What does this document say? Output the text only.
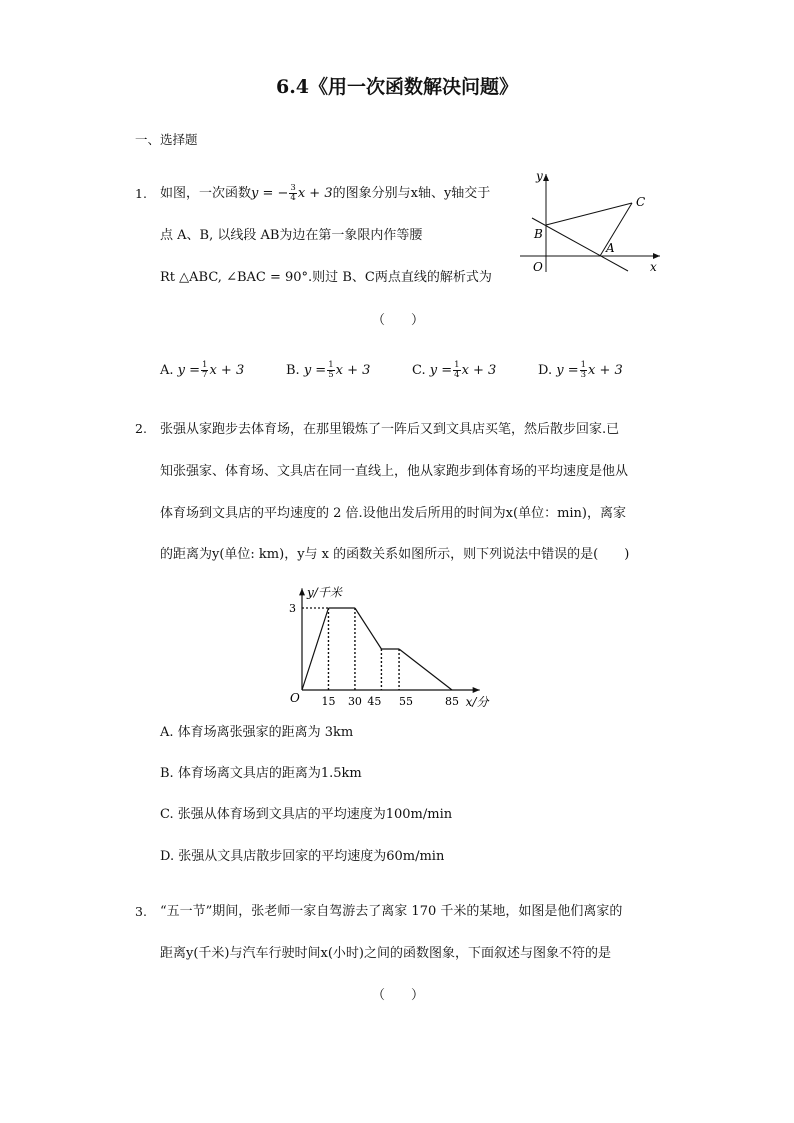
6.4《用一次函数解决问题》
一、选择题
1. 如图，一次函数y = − $\frac{3}{4}$ x + 3的图象分别与x轴、y轴交于
点 A、B, 以线段 AB为边在第一象限内作等腰
Rt △ABC, ∠BAC = 90°.则过 B、C两点直线的解析式为
（　　）
y
x
O
B
C
A
A. $y = \frac{1}{7}$ x + 3	B. $y = \frac{1}{5}$ x + 3	C. $y = \frac{1}{4}$ x + 3	D. $y = \frac{1}{3}$ x + 3
2. 张强从家跑步去体育场，在那里锻炼了一阵后又到文具店买笔，然后散步回家.已
知张强家、体育场、文具店在同一直线上，他从家跑步到体育场的平均速度是他从
体育场到文具店的平均速度的 2 倍.设他出发后所用的时间为x(单位：min)，离家
的距离为y(单位: km)，y与 x 的函数关系如图所示，则下列说法中错误的是(　　)
15 30 45 55	85
3
y/千米
x/分
O
A. 体育场离张强家的距离为 3km
B. 体育场离文具店的距离为1.5km
C. 张强从体育场到文具店的平均速度为100m/min
D. 张强从文具店散步回家的平均速度为60m/min
3. “五一节”期间，张老师一家自驾游去了离家 170 千米的某地，如图是他们离家的
距离y(千米)与汽车行驶时间x(小时)之间的函数图象，下面叙述与图象不符的是
（　　）
